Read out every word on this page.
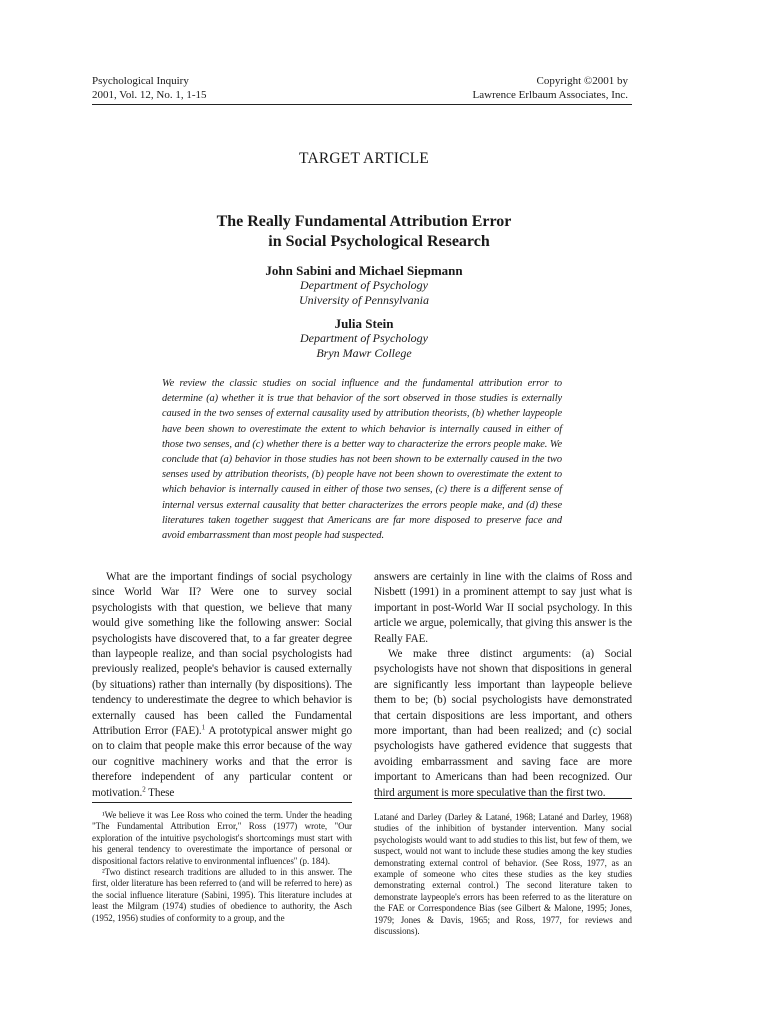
Psychological Inquiry
2001, Vol. 12, No. 1, 1-15
Copyright ©2001 by
Lawrence Erlbaum Associates, Inc.
TARGET ARTICLE
The Really Fundamental Attribution Error
in Social Psychological Research
John Sabini and Michael Siepmann
Department of Psychology
University of Pennsylvania
Julia Stein
Department of Psychology
Bryn Mawr College
We review the classic studies on social influence and the fundamental attribution error to determine (a) whether it is true that behavior of the sort observed in those studies is externally caused in the two senses of external causality used by attribution theorists, (b) whether laypeople have been shown to overestimate the extent to which behavior is internally caused in either of those two senses, and (c) whether there is a better way to characterize the errors people make. We conclude that (a) behavior in those studies has not been shown to be externally caused in the two senses used by attribution theorists, (b) people have not been shown to overestimate the extent to which behavior is internally caused in either of those two senses, (c) there is a different sense of internal versus external causality that better characterizes the errors people make, and (d) these literatures taken together suggest that Americans are far more disposed to preserve face and avoid embarrassment than most people had suspected.

What are the important findings of social psychology since World War II? Were one to survey social psychologists with that question, we believe that many would give something like the following answer: Social psychologists have discovered that, to a far greater degree than laypeople realize, and than social psychologists had previously realized, people's behavior is caused externally (by situations) rather than internally (by dispositions). The tendency to underestimate the degree to which behavior is externally caused has been called the Fundamental Attribution Error (FAE).$^1$ A prototypical answer might go on to claim that people make this error because of the way our cognitive machinery works and that the error is therefore independent of any particular content or motivation.$^2$ These

answers are certainly in line with the claims of Ross and Nisbett (1991) in a prominent attempt to say just what is important in post-World War II social psychology. In this article we argue, polemically, that giving this answer is the Really FAE.

We make three distinct arguments: (a) Social psychologists have not shown that dispositions in general are significantly less important than laypeople believe them to be; (b) social psychologists have demonstrated that certain dispositions are less important, and others more important, than had been realized; and (c) social psychologists have gathered evidence that suggests that avoiding embarrassment and saving face are more important to Americans than had been recognized. Our third argument is more speculative than the first two.

¹We believe it was Lee Ross who coined the term. Under the heading "The Fundamental Attribution Error," Ross (1977) wrote, "Our exploration of the intuitive psychologist's shortcomings must start with his general tendency to overestimate the importance of personal or dispositional factors relative to environmental influences" (p. 184).

²Two distinct research traditions are alluded to in this answer. The first, older literature has been referred to (and will be referred to here) as the social influence literature (Sabini, 1995). This literature includes at least the Milgram (1974) studies of obedience to authority, the Asch (1952, 1956) studies of conformity to a group, and the

Latané and Darley (Darley & Latané, 1968; Latané and Darley, 1968) studies of the inhibition of bystander intervention. Many social psychologists would want to add studies to this list, but few of them, we suspect, would not want to include these studies among the key studies demonstrating external control of behavior. (See Ross, 1977, as an example of someone who cites these studies as the key studies demonstrating external control.) The second literature taken to demonstrate laypeople's errors has been referred to as the literature on the FAE or Correspondence Bias (see Gilbert & Malone, 1995; Jones, 1979; Jones & Davis, 1965; and Ross, 1977, for reviews and discussions).
